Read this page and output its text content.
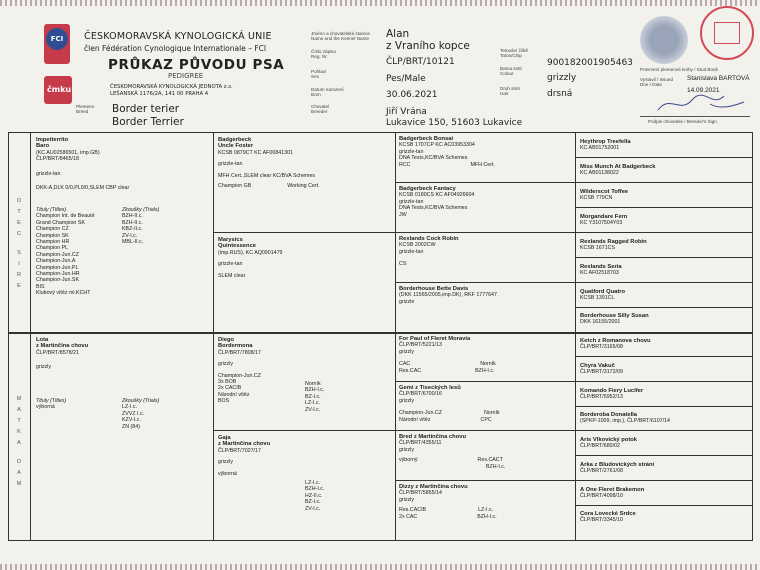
FCI
čmku
ČESKOMORAVSKÁ KYNOLOGICKÁ UNIE
člen Fédération Cynologique Internationale – FCI
PRŮKAZ PŮVODU PSA
PEDIGREE
ČESKOMORAVSKÁ KYNOLOGICKÁ JEDNOTA z.s.
LEŠANSKÁ 1176/2A, 141 00 PRAHA 4
Plemeno
Breed	Border terier
Border Terrier
Jméno a chovatelská stanice
Name and the Kennel Name
Číslo zápisu
Reg. Nr.
Pohlaví
Sex
Datum narození
Born
Chovatel
Breeder
Alan
z Vraního kopce
ČLP/BRT/10121
Pes/Male
30.06.2021
Jiří Vrána
Lukavice 150, 51603 Lukavice
Tetování čiště
Tatoo/Chip
Barva srsti
Colour
Druh srsti
Hair
900182001905463
grizzly
drsná
Potvrzení plemenné knihy / Stud Book
Vystavil / Issued
Dne / Date
Stanislava BARTOVÁ
14.09.2021
Podpis chovatele / Breeder's Sign.
O
T
E
C
S
I
R
E
M
A
T
K
A
D
A
M
Impetterrito
Baro
(KC AU02586501, imp.GB)
ČLP/BRT/8465/18
grizzle-tan
DKK-A,DLK 0/0,PL0/0,SLEM CBP clear
Tituly (Titles)
Champion Int. de Beauté
Grand Champion SK
Champion CZ
Champion SK
Champion HR
Champion PL
Champion-Jun.CZ
Champion-Jun.A
Champion-Jun.PL
Champion-Jun.HR
Champion-Jun.SK
BIS
Klubový vítěz ml.KCHT
Zkoušky (Trials)
BZH-II.c.
BZH-II.c.
KBZ-II.c.
ZV-I.c.
MBL-II.c.
Lota
z Martinčína chovu
ČLP/BRT/8578/21
grizzly
Tituly (Titles)
výborná
Zkoušky (Trials)
LZ-I.c.
ZVVZ I.c.
KZV-I.c.
ZN (84)
Badgerbeck
Uncle Foster
KCSB 0879CT KC AF00841301
grizzle-tan
MFH Cert.,SLEM clear KC/BVA Schemes
Champion GB	Working Cert.
Marysics
Quintessence
(imp.RUS), KC AQ0901479
grizzle-tan
SLEM clear
Diego
Bordermona
ČLP/BRT/7808/17
grizzly
Champion-Jun.CZ
3x BOB
2x CACIB
Národní vítěz
BOS
Norník
BZH-I.c.
BZ-I.c.
LZ-I.c.
ZV-I.c.
Gaja
z Martinčína chovu
ČLP/BRT/7027/17
grizzly
výborná
LZ-I.c.
BZH-I.c.
HZ-II.c.
BZ-I.c.
ZV-I.c.
Badgerbeck Bonsai
KCSB 1707CP KC AC03953304
grizzle-tan
DNA Tests,KC/BVA Schemes
RCC	MFH Cert.
Badgerbeck Fantacy
KCSB 0180CS KC AF04926604
grizzle-tan
DNA Tests,KC/BVA Schemes
JW
Rexlands Cock Robin
KCSB 2002CW
grizzle-tan
CS
Borderhouse Bette Davis
(DKK 11565/2005,imp.DK), RKF 1777647
grizzle
For Paul of Fleret Moravia
ČLP/BRT/5221/13
grizzly
CAC	Norník
Res.CAC	BZH-I.c.
Gemi z Tiseckých lesů
ČLP/BRT/6700/16
grizzly
Champion-Jun.CZ	Norník
Národní vítěz	CPC
Bred z Martinčína chovu
ČLP/BRT/4355/11
grizzly
výborný	Res.CACT
BZH-I.c.
Dizzy z Martinčína chovu
ČLP/BRT/5855/14
grizzly
Res.CACIB	LZ-I.c.
2x CAC	BZH-I.c.
Heythrop Treefella
KC AB01752001
Miss Munch At Badgerbeck
KC AB01138022
Wilderscot Toffee
KCSB 779CN
Morgandare Fern
KC Y3107504Y03
Rexlands Ragged Robin
KCSB 1671CS
Rexlands Seria
KC AF02518703
Quatford Quatro
KCSB 1391CL
Borderhouse Silly Susan
DKK 16155/2001
Ketch z Romanova chovu
ČLP/BRT/3165/08
Chyra Vakuč
ČLP/BRT/3172/09
Komando Fiery Lucifer
ČLP/BRT/5952/13
Borderoba Donatella
(SPKP-1009, imp.), ČLP/BRT/6107/14
Aris Vlkovický potok
ČLP/BRT/680/02
Arka z Bludovických strání
ČLP/BRT/2761/08
A One Fleret Brakemon
ČLP/BRT/4098/10
Cora Lovecké Srdce
ČLP/BRT/3345/10
